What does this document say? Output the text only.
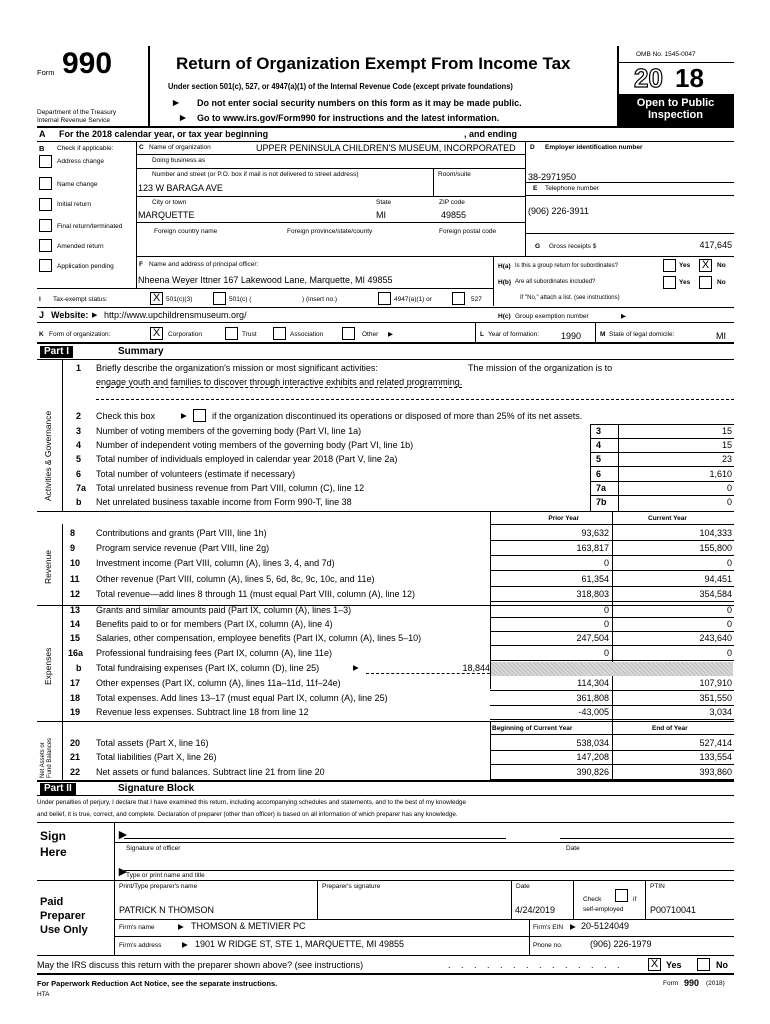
Form 990
Department of the Treasury
Internal Revenue Service
Return of Organization Exempt From Income Tax
Under section 501(c), 527, or 4947(a)(1) of the Internal Revenue Code (except private foundations)
▶ Do not enter social security numbers on this form as it may be made public.
▶ Go to www.irs.gov/Form990 for instructions and the latest information.
OMB No. 1545-0047
20 18
Open to Public
Inspection
A For the 2018 calendar year, or tax year beginning	, and ending
B Check if applicable:
Address change
Name change
Initial return
Final return/terminated
Amended return
Application pending
C Name of organization	UPPER PENINSULA CHILDREN'S MUSEUM, INCORPORATED
Doing business as
Number and street (or P.O. box if mail is not delivered to street address)	Room/suite
123 W BARAGA AVE
City or town	State	ZIP code
MARQUETTE	MI	49855
Foreign country name	Foreign province/state/county	Foreign postal code
D Employer identification number
38-2971950
E Telephone number
(906) 226-3911
G Gross receipts $	417,645
F Name and address of principal officer:
Nheena Weyer Ittner 167 Lakewood Lane, Marquette, MI 49855
H(a) Is this a group return for subordinates?	Yes X	No
H(b) Are all subordinates included?	Yes	No
If "No," attach a list. (see instructions)
I Tax-exempt status:	X 501(c)(3)	501(c) (	) (insert no.)	4947(a)(1) or	527
J Website: ▶ http://www.upchildrensmuseum.org/	H(c) Group exemption number	▶
K Form of organization:	X	Corporation	Trust	Association	Other ▶	L Year of formation: 1990	M State of legal domicile:	MI
Part I	Summary
1 Briefly describe the organization's mission or most significant activities:	The mission of the organization is to
engage youth and families to discover through interactive exhibits and related programming.
2 Check this box	▶	if the organization discontinued its operations or disposed of more than 25% of its net assets.
Activities & Governance	3 Number of voting members of the governing body (Part VI, line 1a)	3	15
4 Number of independent voting members of the governing body (Part VI, line 1b)	4	15
5 Total number of individuals employed in calendar year 2018 (Part V, line 2a)	5	23
6 Total number of volunteers (estimate if necessary)	6	1,610
7a Total unrelated business revenue from Part VIII, column (C), line 12	7a	0
b Net unrelated business taxable income from Form 990-T, line 38	7b	0
Prior Year	Current Year
Revenue
8 Contributions and grants (Part VIII, line 1h)	93,632	104,333
9 Program service revenue (Part VIII, line 2g)	163,817	155,800
10 Investment income (Part VIII, column (A), lines 3, 4, and 7d)	0	0
11 Other revenue (Part VIII, column (A), lines 5, 6d, 8c, 9c, 10c, and 11e)	61,354	94,451
12 Total revenue—add lines 8 through 11 (must equal Part VIII, column (A), line 12)	318,803	354,584
Expenses
13 Grants and similar amounts paid (Part IX, column (A), lines 1–3)	0	0
14 Benefits paid to or for members (Part IX, column (A), line 4)	0	0
15 Salaries, other compensation, employee benefits (Part IX, column (A), lines 5–10)	247,504	243,640
16a Professional fundraising fees (Part IX, column (A), line 11e)	0	0
b Total fundraising expenses (Part IX, column (D), line 25)	▶	18,844
17 Other expenses (Part IX, column (A), lines 11a–11d, 11f–24e)	114,304	107,910
18 Total expenses. Add lines 13–17 (must equal Part IX, column (A), line 25)	361,808	351,550
19 Revenue less expenses. Subtract line 18 from line 12	-43,005	3,034
Beginning of Current Year	End of Year
Net Assets or
Fund Balances 20 Total assets (Part X, line 16)	538,034	527,414
21 Total liabilities (Part X, line 26)	147,208	133,554
22 Net assets or fund balances. Subtract line 21 from line 20	390,826	393,860
Part II	Signature Block
Under penalties of perjury, I declare that I have examined this return, including accompanying schedules and statements, and to the best of my knowledge
and belief, it is true, correct, and complete. Declaration of preparer (other than officer) is based on all information of which preparer has any knowledge.
Sign
Here
►
Signature of officer	Date
►
Type or print name and title
Paid
Preparer
Use Only
Print/Type preparer's name	Preparer's signature	Date
Check	if
self-employed
PTIN
PATRICK N THOMSON	4/24/2019	P00710041
Firm's name	▶ THOMSON & METIVIER PC	Firm's EIN ▶ 20-5124049
Firm's address	▶ 1901 W RIDGE ST, STE 1, MARQUETTE, MI 49855	Phone no.	(906) 226-1979
May the IRS discuss this return with the preparer shown above? (see instructions)	. . . . . . . . . . . . . . X Yes	No
For Paperwork Reduction Act Notice, see the separate instructions.
HTA
Form 990 (2018)
